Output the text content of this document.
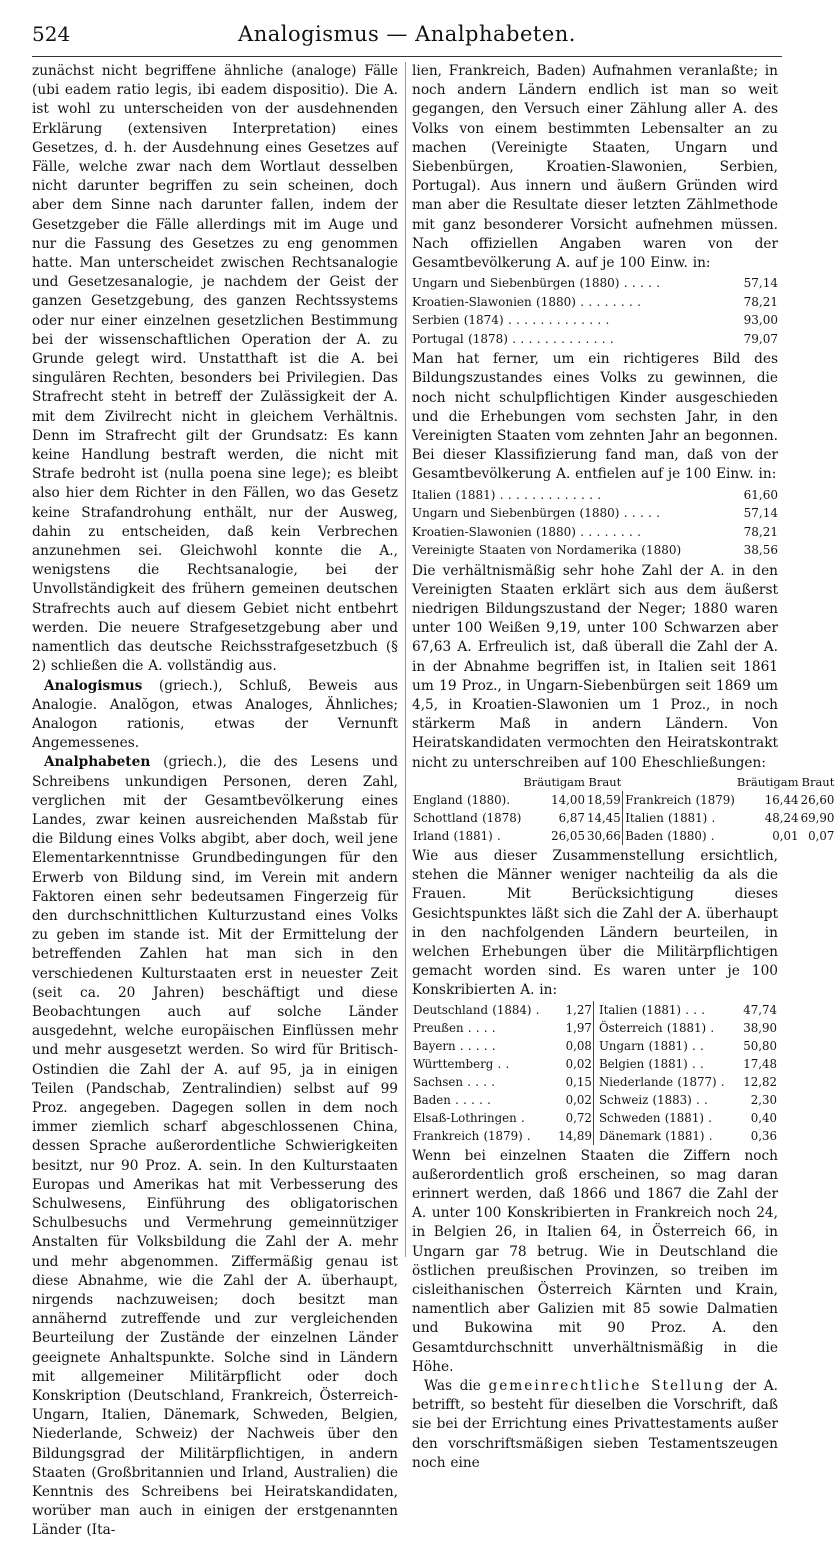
524	Analogismus — Analphabeten.

zunächst nicht begriffene ähnliche (analoge) Fälle (ubi eadem ratio legis, ibi eadem dispositio). Die A. ist wohl zu unterscheiden von der ausdehnenden Erklärung (extensiven Interpretation) eines Gesetzes, d. h. der Ausdehnung eines Gesetzes auf Fälle, welche zwar nach dem Wortlaut desselben nicht darunter begriffen zu sein scheinen, doch aber dem Sinne nach darunter fallen, indem der Gesetzgeber die Fälle allerdings mit im Auge und nur die Fassung des Gesetzes zu eng genommen hatte. Man unterscheidet zwischen Rechtsanalogie und Gesetzesanalogie, je nachdem der Geist der ganzen Gesetzgebung, des ganzen Rechtssystems oder nur einer einzelnen gesetzlichen Bestimmung bei der wissenschaftlichen Operation der A. zu Grunde gelegt wird. Unstatthaft ist die A. bei singulären Rechten, besonders bei Privilegien. Das Strafrecht steht in betreff der Zulässigkeit der A. mit dem Zivilrecht nicht in gleichem Verhältnis. Denn im Strafrecht gilt der Grundsatz: Es kann keine Handlung bestraft werden, die nicht mit Strafe bedroht ist (nulla poena sine lege); es bleibt also hier dem Richter in den Fällen, wo das Gesetz keine Strafandrohung enthält, nur der Ausweg, dahin zu entscheiden, daß kein Verbrechen anzunehmen sei. Gleichwohl konnte die A., wenigstens die Rechtsanalogie, bei der Unvollständigkeit des frühern gemeinen deutschen Strafrechts auch auf diesem Gebiet nicht entbehrt werden. Die neuere Strafgesetzgebung aber und namentlich das deutsche Reichsstrafgesetzbuch (§ 2) schließen die A. vollständig aus.

Analogismus (griech.), Schluß, Beweis aus Analogie. Analŏgon, etwas Analoges, Ähnliches; Analogon rationis, etwas der Vernunft Angemessenes.

Analphabeten (griech.), die des Lesens und Schreibens unkundigen Personen, deren Zahl, verglichen mit der Gesamtbevölkerung eines Landes, zwar keinen ausreichenden Maßstab für die Bildung eines Volks abgibt, aber doch, weil jene Elementarkenntnisse Grundbedingungen für den Erwerb von Bildung sind, im Verein mit andern Faktoren einen sehr bedeutsamen Fingerzeig für den durchschnittlichen Kulturzustand eines Volks zu geben im stande ist. Mit der Ermittelung der betreffenden Zahlen hat man sich in den verschiedenen Kulturstaaten erst in neuester Zeit (seit ca. 20 Jahren) beschäftigt und diese Beobachtungen auch auf solche Länder ausgedehnt, welche europäischen Einflüssen mehr und mehr ausgesetzt werden. So wird für Britisch-Ostindien die Zahl der A. auf 95, ja in einigen Teilen (Pandschab, Zentralindien) selbst auf 99 Proz. angegeben. Dagegen sollen in dem noch immer ziemlich scharf abgeschlossenen China, dessen Sprache außerordentliche Schwierigkeiten besitzt, nur 90 Proz. A. sein. In den Kulturstaaten Europas und Amerikas hat mit Verbesserung des Schulwesens, Einführung des obligatorischen Schulbesuchs und Vermehrung gemeinnütziger Anstalten für Volksbildung die Zahl der A. mehr und mehr abgenommen. Ziffermäßig genau ist diese Abnahme, wie die Zahl der A. überhaupt, nirgends nachzuweisen; doch besitzt man annähernd zutreffende und zur vergleichenden Beurteilung der Zustände der einzelnen Länder geeignete Anhaltspunkte. Solche sind in Ländern mit allgemeiner Militärpflicht oder doch Konskription (Deutschland, Frankreich, Österreich-Ungarn, Italien, Dänemark, Schweden, Belgien, Niederlande, Schweiz) der Nachweis über den Bildungsgrad der Militärpflichtigen, in andern Staaten (Großbritannien und Irland, Australien) die Kenntnis des Schreibens bei Heiratskandidaten, worüber man auch in einigen der erstgenannten Länder (Ita-

lien, Frankreich, Baden) Aufnahmen veranlaßte; in noch andern Ländern endlich ist man so weit gegangen, den Versuch einer Zählung aller A. des Volks von einem bestimmten Lebensalter an zu machen (Vereinigte Staaten, Ungarn und Siebenbürgen, Kroatien-Slawonien, Serbien, Portugal). Aus innern und äußern Gründen wird man aber die Resultate dieser letzten Zählmethode mit ganz besonderer Vorsicht aufnehmen müssen. Nach offiziellen Angaben waren von der Gesamtbevölkerung A. auf je 100 Einw. in:

Ungarn und Siebenbürgen (1880) . . . . .	57,14
Kroatien-Slawonien (1880) . . . . . . . .	78,21
Serbien (1874) . . . . . . . . . . . . .	93,00
Portugal (1878) . . . . . . . . . . . . .	79,07

Man hat ferner, um ein richtigeres Bild des Bildungszustandes eines Volks zu gewinnen, die noch nicht schulpflichtigen Kinder ausgeschieden und die Erhebungen vom sechsten Jahr, in den Vereinigten Staaten vom zehnten Jahr an begonnen. Bei dieser Klassifizierung fand man, daß von der Gesamtbevölkerung A. entfielen auf je 100 Einw. in:

Italien (1881) . . . . . . . . . . . . .	61,60
Ungarn und Siebenbürgen (1880) . . . . .	57,14
Kroatien-Slawonien (1880) . . . . . . . .	78,21
Vereinigte Staaten von Nordamerika (1880)	38,56

Die verhältnismäßig sehr hohe Zahl der A. in den Vereinigten Staaten erklärt sich aus dem äußerst niedrigen Bildungszustand der Neger; 1880 waren unter 100 Weißen 9,19, unter 100 Schwarzen aber 67,63 A. Erfreulich ist, daß überall die Zahl der A. in der Abnahme begriffen ist, in Italien seit 1861 um 19 Proz., in Ungarn-Siebenbürgen seit 1869 um 4,5, in Kroatien-Slawonien um 1 Proz., in noch stärkerm Maß in andern Ländern. Von Heiratskandidaten vermochten den Heiratskontrakt nicht zu unterschreiben auf 100 Eheschließungen:

	Bräutigam	Braut			Bräutigam	Braut
England (1880).	14,00	18,59		Frankreich (1879)	16,44	26,60
Schottland (1878)	6,87	14,45		Italien (1881) .	48,24	69,90
Irland (1881) .	26,05	30,66		Baden (1880) .	0,01	0,07

Wie aus dieser Zusammenstellung ersichtlich, stehen die Männer weniger nachteilig da als die Frauen. Mit Berücksichtigung dieses Gesichtspunktes läßt sich die Zahl der A. überhaupt in den nachfolgenden Ländern beurteilen, in welchen Erhebungen über die Militärpflichtigen gemacht worden sind. Es waren unter je 100 Konskribierten A. in:

Deutschland (1884) .	1,27		Italien (1881) . . .	47,74
Preußen . . . .	1,97		Österreich (1881) .	38,90
Bayern . . . . .	0,08		Ungarn (1881) . .	50,80
Württemberg . .	0,02		Belgien (1881) . .	17,48
Sachsen . . . .	0,15		Niederlande (1877) .	12,82
Baden . . . . .	0,02		Schweiz (1883) . .	2,30
Elsaß-Lothringen .	0,72		Schweden (1881) .	0,40
Frankreich (1879) .	14,89		Dänemark (1881) .	0,36

Wenn bei einzelnen Staaten die Ziffern noch außerordentlich groß erscheinen, so mag daran erinnert werden, daß 1866 und 1867 die Zahl der A. unter 100 Konskribierten in Frankreich noch 24, in Belgien 26, in Italien 64, in Österreich 66, in Ungarn gar 78 betrug. Wie in Deutschland die östlichen preußischen Provinzen, so treiben im cisleithanischen Österreich Kärnten und Krain, namentlich aber Galizien mit 85 sowie Dalmatien und Bukowina mit 90 Proz. A. den Gesamtdurchschnitt unverhältnismäßig in die Höhe.

Was die gemeinrechtliche Stellung der A. betrifft, so besteht für dieselben die Vorschrift, daß sie bei der Errichtung eines Privattestaments außer den vorschriftsmäßigen sieben Testamentszeugen noch eine
